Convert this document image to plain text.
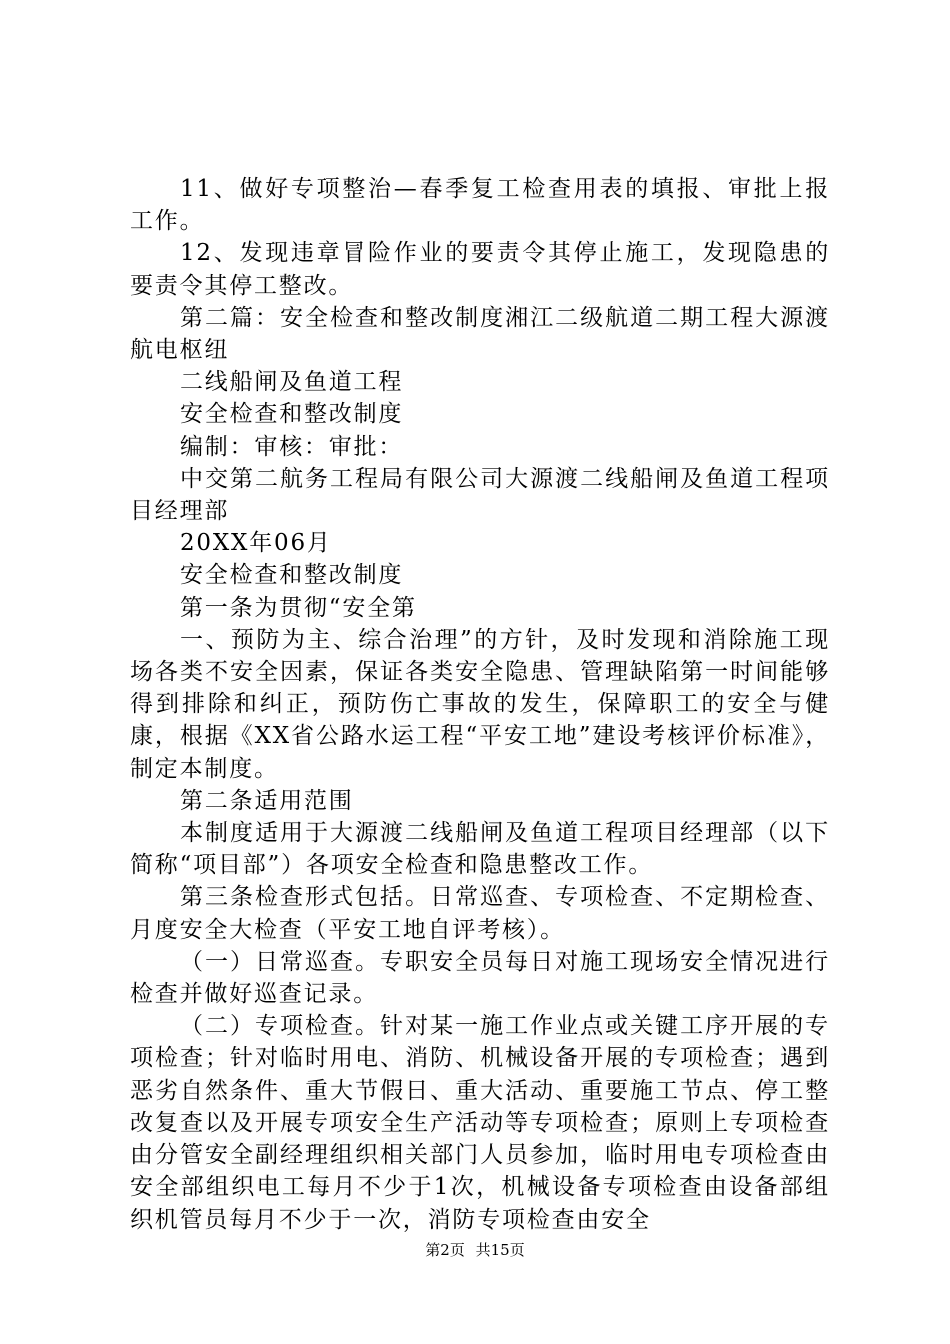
11、做好专项整治—春季复工检查用表的填报、审批上报工作。

12、发现违章冒险作业的要责令其停止施工，发现隐患的要责令其停工整改。

第二篇：安全检查和整改制度湘江二级航道二期工程大源渡航电枢纽

二线船闸及鱼道工程

安全检查和整改制度

编制：审核：审批：

中交第二航务工程局有限公司大源渡二线船闸及鱼道工程项目经理部

20XX年06月

安全检查和整改制度

第一条为贯彻“安全第

一、预防为主、综合治理”的方针，及时发现和消除施工现场各类不安全因素，保证各类安全隐患、管理缺陷第一时间能够得到排除和纠正，预防伤亡事故的发生，保障职工的安全与健康，根据《XX省公路水运工程“平安工地”建设考核评价标准》，制定本制度。

第二条适用范围

本制度适用于大源渡二线船闸及鱼道工程项目经理部（以下简称“项目部”）各项安全检查和隐患整改工作。

第三条检查形式包括。日常巡查、专项检查、不定期检查、月度安全大检查（平安工地自评考核）。

（一）日常巡查。专职安全员每日对施工现场安全情况进行检查并做好巡查记录。

（二）专项检查。针对某一施工作业点或关键工序开展的专项检查；针对临时用电、消防、机械设备开展的专项检查；遇到恶劣自然条件、重大节假日、重大活动、重要施工节点、停工整改复查以及开展专项安全生产活动等专项检查；原则上专项检查由分管安全副经理组织相关部门人员参加，临时用电专项检查由安全部组织电工每月不少于1次，机械设备专项检查由设备部组织机管员每月不少于一次，消防专项检查由安全

第2页 共15页
